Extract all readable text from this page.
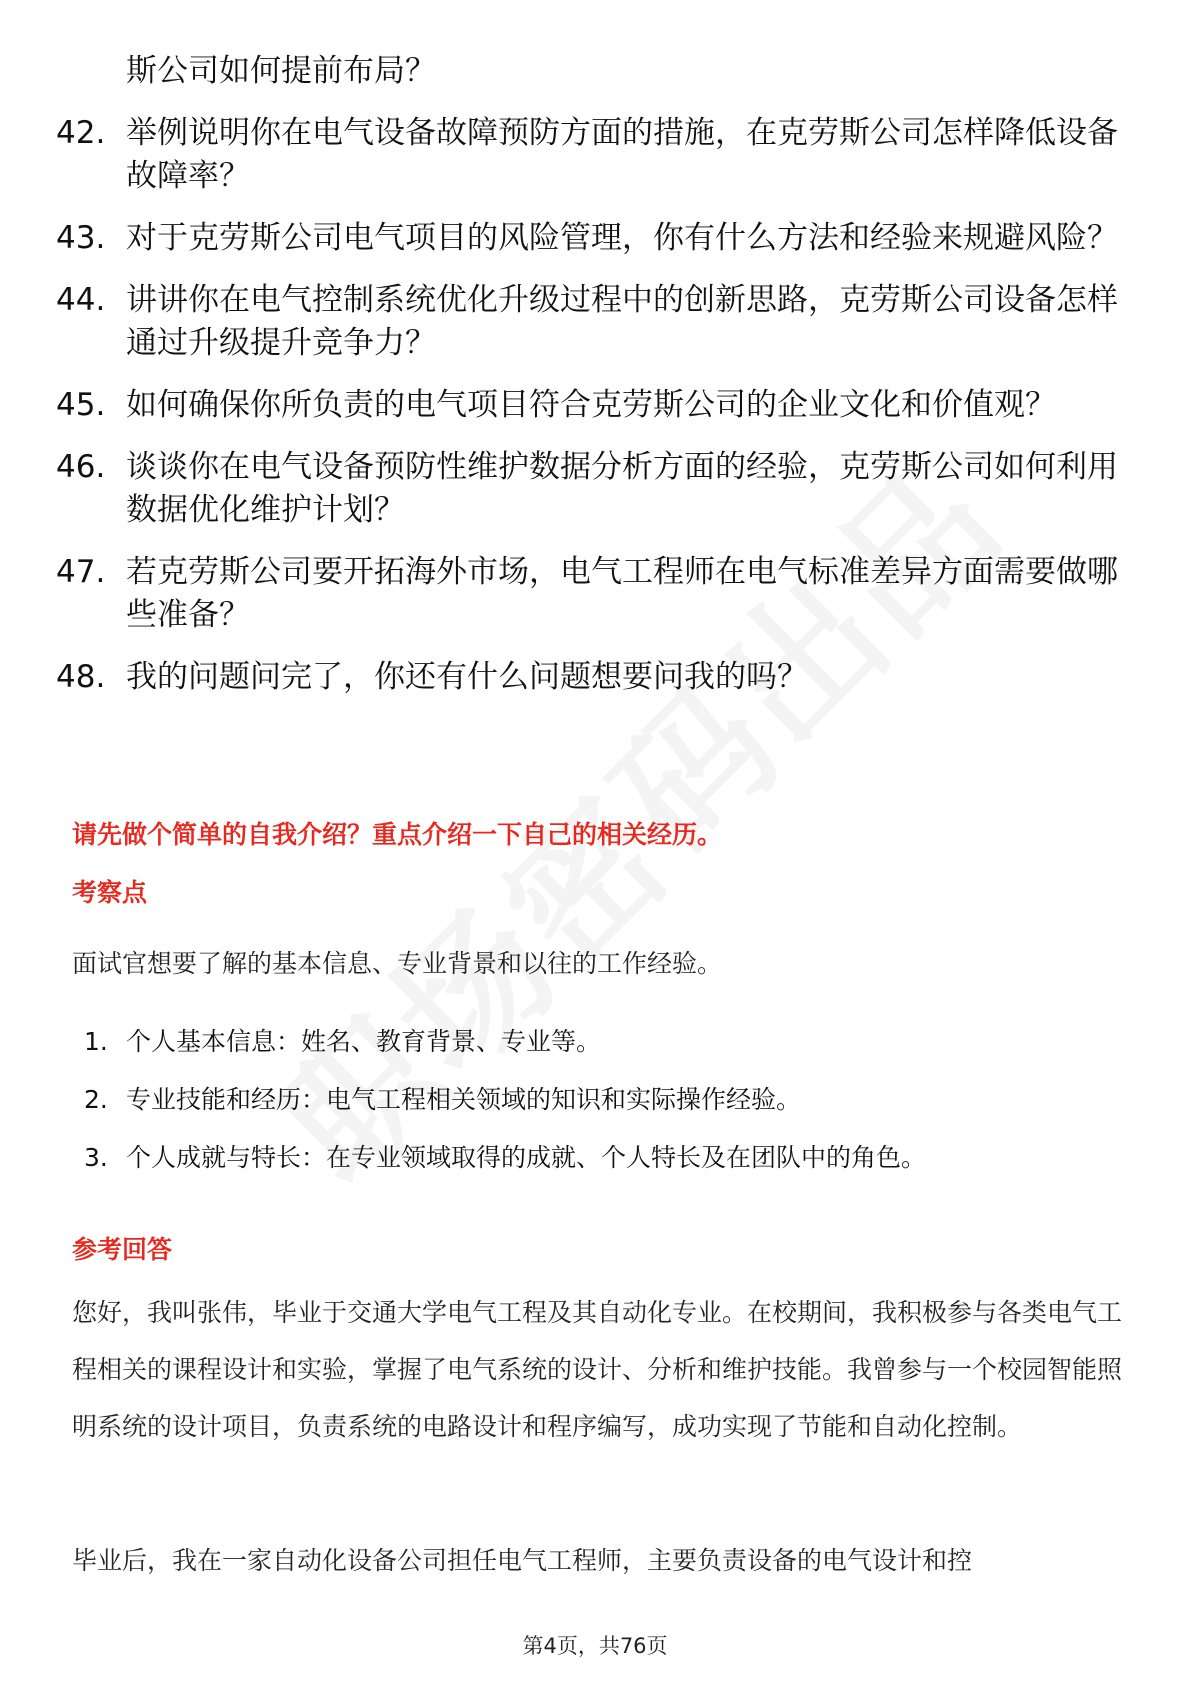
斯公司如何提前布局？
42. 举例说明你在电气设备故障预防方面的措施，在克劳斯公司怎样降低设备故障率？
43. 对于克劳斯公司电气项目的风险管理，你有什么方法和经验来规避风险？
44. 讲讲你在电气控制系统优化升级过程中的创新思路，克劳斯公司设备怎样通过升级提升竞争力？
45. 如何确保你所负责的电气项目符合克劳斯公司的企业文化和价值观？
46. 谈谈你在电气设备预防性维护数据分析方面的经验，克劳斯公司如何利用数据优化维护计划？
47. 若克劳斯公司要开拓海外市场，电气工程师在电气标准差异方面需要做哪些准备？
48. 我的问题问完了，你还有什么问题想要问我的吗？
请先做个简单的自我介绍？重点介绍一下自己的相关经历。
考察点
面试官想要了解的基本信息、专业背景和以往的工作经验。
1. 个人基本信息：姓名、教育背景、专业等。
2. 专业技能和经历：电气工程相关领域的知识和实际操作经验。
3. 个人成就与特长：在专业领域取得的成就、个人特长及在团队中的角色。
参考回答
您好，我叫张伟，毕业于交通大学电气工程及其自动化专业。在校期间，我积极参与各类电气工程相关的课程设计和实验，掌握了电气系统的设计、分析和维护技能。我曾参与一个校园智能照明系统的设计项目，负责系统的电路设计和程序编写，成功实现了节能和自动化控制。
毕业后，我在一家自动化设备公司担任电气工程师，主要负责设备的电气设计和控
第4页，共76页
